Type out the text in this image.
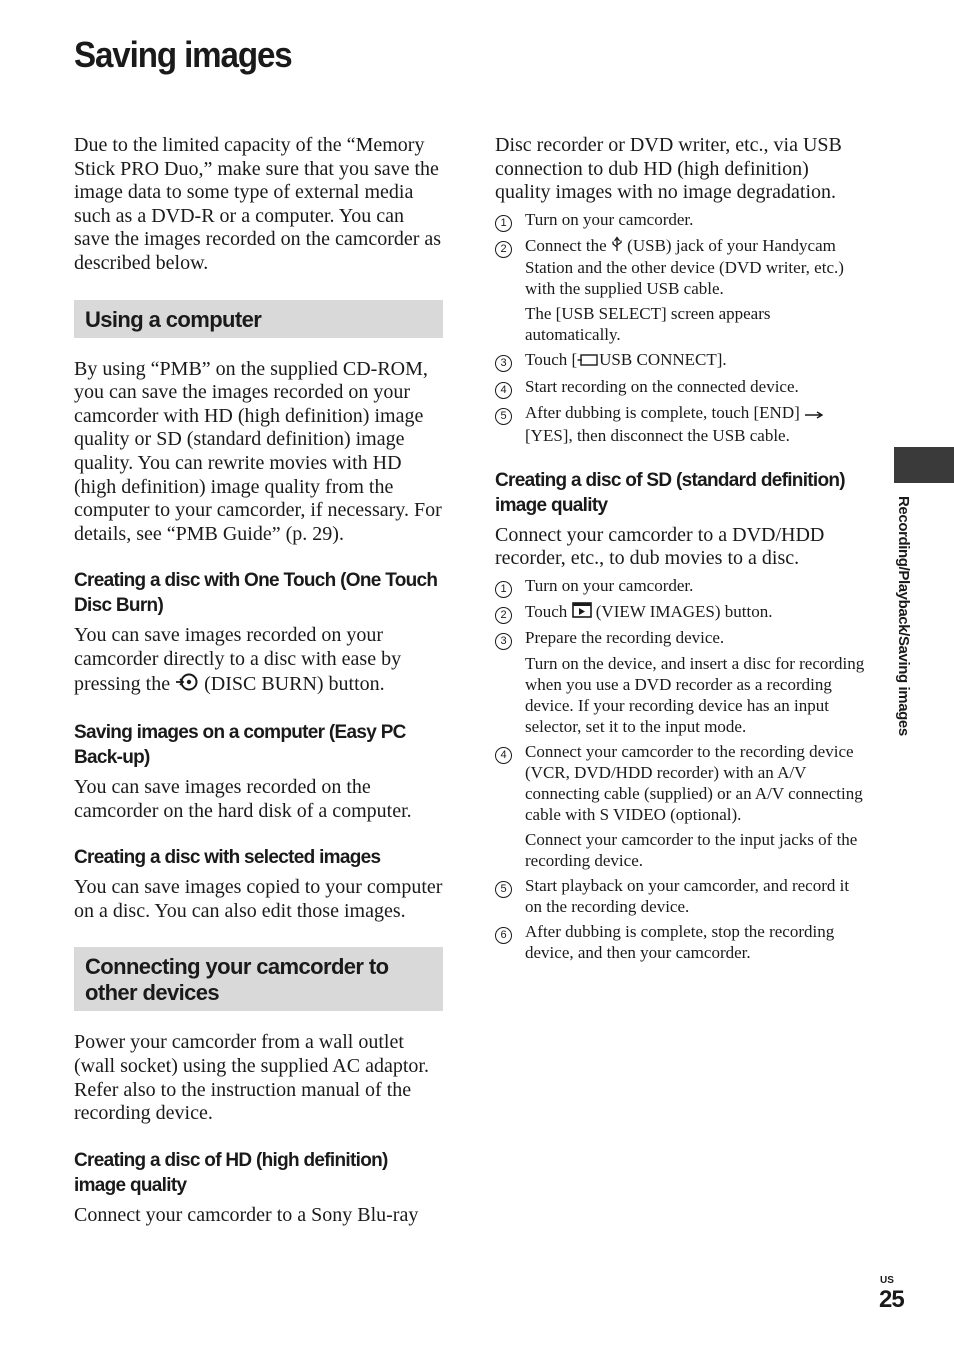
Saving images

Due to the limited capacity of the “Memory Stick PRO Duo,” make sure that you save the image data to some type of external media such as a DVD-R or a computer. You can save the images recorded on the camcorder as described below.

Using a computer

By using “PMB” on the supplied CD-ROM, you can save the images recorded on your camcorder with HD (high definition) image quality or SD (standard definition) image quality. You can rewrite movies with HD (high definition) image quality from the computer to your camcorder, if necessary. For details, see “PMB Guide” (p. 29).

Creating a disc with One Touch (One Touch Disc Burn)

You can save images recorded on your camcorder directly to a disc with ease by pressing the (DISC BURN) button.

Saving images on a computer (Easy PC Back-up)

You can save images recorded on the camcorder on the hard disk of a computer.

Creating a disc with selected images

You can save images copied to your computer on a disc. You can also edit those images.

Connecting your camcorder to other devices

Power your camcorder from a wall outlet (wall socket) using the supplied AC adaptor.

Refer also to the instruction manual of the recording device.

Creating a disc of HD (high definition) image quality

Connect your camcorder to a Sony Blu-ray

Disc recorder or DVD writer, etc., via USB connection to dub HD (high definition) quality images with no image degradation.

1	Turn on your camcorder.
2	Connect the (USB) jack of your Handycam Station and the other device (DVD writer, etc.) with the supplied USB cable.
The [USB SELECT] screen appears automatically.
3	Touch [ USB CONNECT].
4	Start recording on the connected device.
5	After dubbing is complete, touch [END]  [YES], then disconnect the USB cable.
Creating a disc of SD (standard definition) image quality

Connect your camcorder to a DVD/HDD recorder, etc., to dub movies to a disc.

1	Turn on your camcorder.
2	Touch (VIEW IMAGES) button.
3	Prepare the recording device.
Turn on the device, and insert a disc for recording when you use a DVD recorder as a recording device. If your recording device has an input selector, set it to the input mode.
4	Connect your camcorder to the recording device (VCR, DVD/HDD recorder) with an A/V connecting cable (supplied) or an A/V connecting cable with S VIDEO (optional).
Connect your camcorder to the input jacks of the recording device.
5	Start playback on your camcorder, and record it on the recording device.
6	After dubbing is complete, stop the recording device, and then your camcorder.
Recording/Playback/Saving images
US
25
